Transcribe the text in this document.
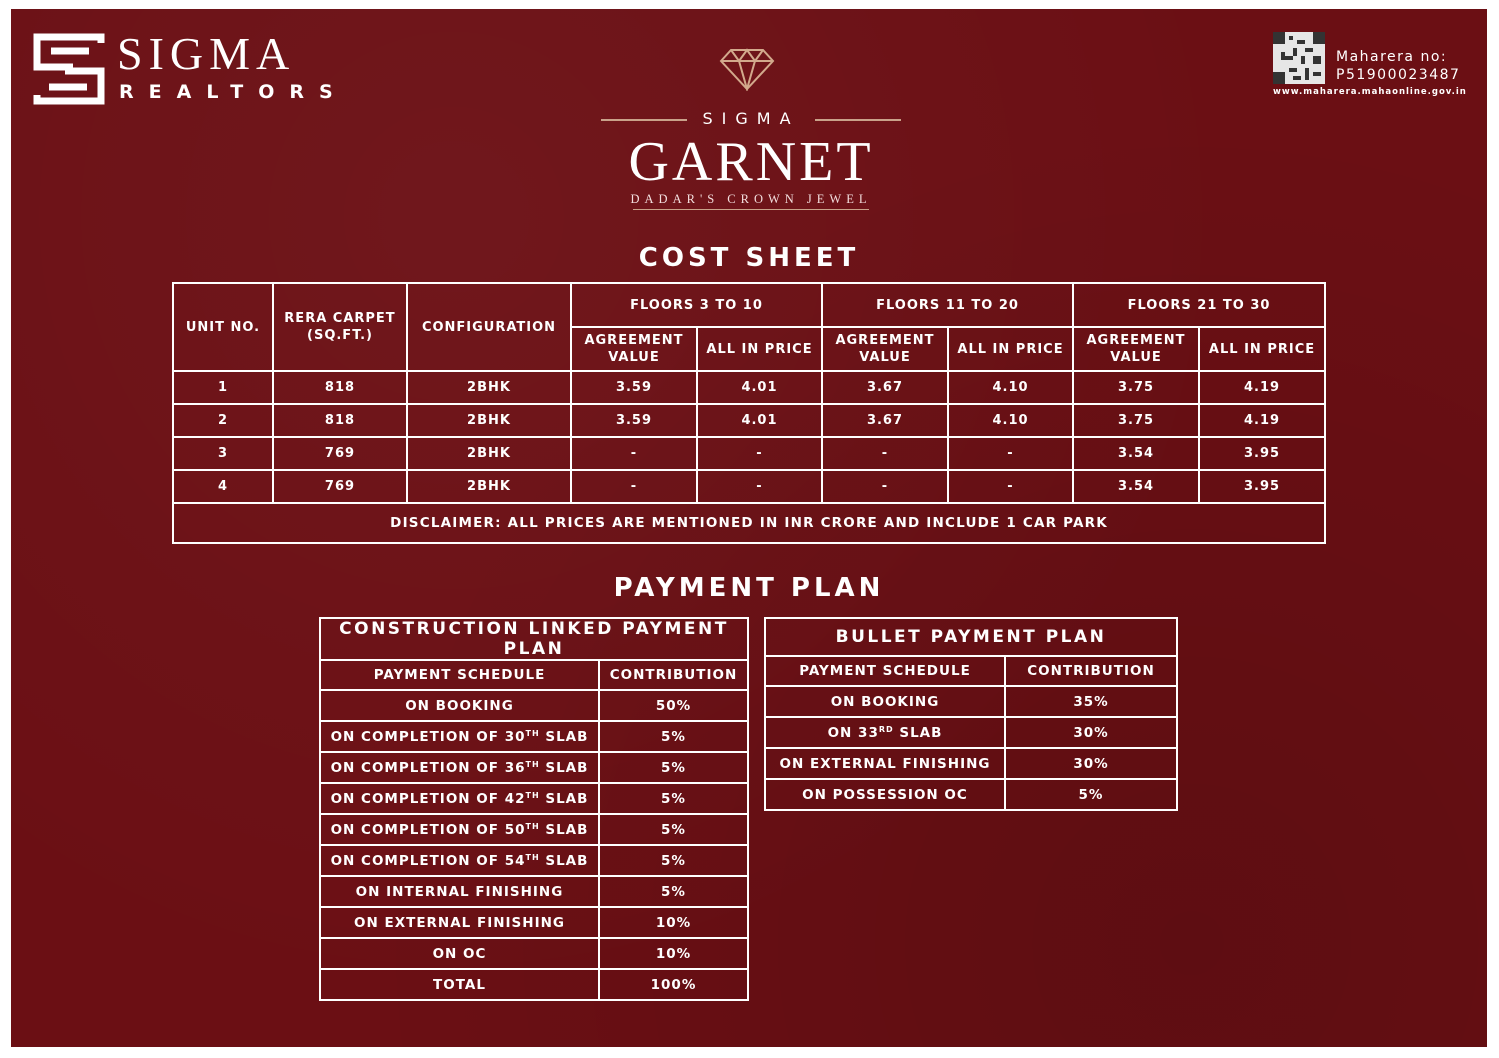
SIGMA
REALTORS
SIGMA
GARNET
DADAR'S CROWN JEWEL
Maharera no:
P51900023487
www.maharera.mahaonline.gov.in
COST SHEET
UNIT NO.	RERA CARPET (SQ.FT.)	CONFIGURATION	FLOORS 3 TO 10		FLOORS 11 TO 20		FLOORS 21 TO 30	
			AGREEMENT VALUE	ALL IN PRICE	AGREEMENT VALUE	ALL IN PRICE	AGREEMENT VALUE	ALL IN PRICE
1	818	2BHK	3.59	4.01	3.67	4.10	3.75	4.19
2	818	2BHK	3.59	4.01	3.67	4.10	3.75	4.19
3	769	2BHK	-	-	-	-	3.54	3.95
4	769	2BHK	-	-	-	-	3.54	3.95
DISCLAIMER: ALL PRICES ARE MENTIONED IN INR CRORE AND INCLUDE 1 CAR PARK								
PAYMENT PLAN
CONSTRUCTION LINKED PAYMENT PLAN	
PAYMENT SCHEDULE	CONTRIBUTION
ON BOOKING	50%
ON COMPLETION OF 30TH SLAB	5%
ON COMPLETION OF 36TH SLAB	5%
ON COMPLETION OF 42TH SLAB	5%
ON COMPLETION OF 50TH SLAB	5%
ON COMPLETION OF 54TH SLAB	5%
ON INTERNAL FINISHING	5%
ON EXTERNAL FINISHING	10%
ON OC	10%
TOTAL	100%
BULLET PAYMENT PLAN	
PAYMENT SCHEDULE	CONTRIBUTION
ON BOOKING	35%
ON 33RD SLAB	30%
ON EXTERNAL FINISHING	30%
ON POSSESSION OC	5%
